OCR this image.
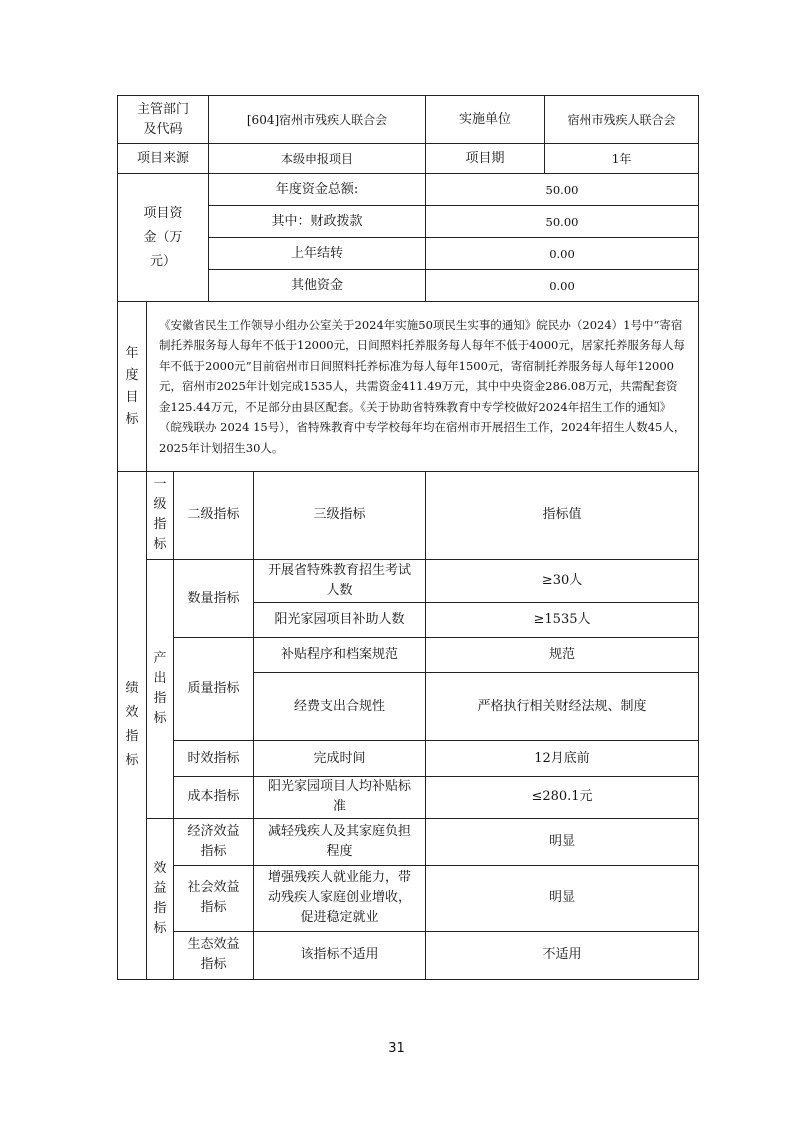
主管部门及代码			[604]宿州市残疾人联合会		实施单位	宿州市残疾人联合会
项目来源			本级申报项目		项目期	1年
项目资金（万元）			年度资金总额:		50.00	
			其中：财政拨款		50.00	
			上年结转		0.00	
			其他资金		0.00	
年度目标	《安徽省民生工作领导小组办公室关于2024年实施50项民生实事的通知》皖民办（2024）1号中“寄宿制托养服务每人每年不低于12000元，日间照料托养服务每人每年不低于4000元，居家托养服务每人每年不低于2000元”目前宿州市日间照料托养标准为每人每年1500元，寄宿制托养服务每人每年12000元，宿州市2025年计划完成1535人，共需资金411.49万元，其中中央资金286.08万元，共需配套资金125.44万元，不足部分由县区配套。《关于协助省特殊教育中专学校做好2024年招生工作的通知》（皖残联办 2024 15号），省特殊教育中专学校每年均在宿州市开展招生工作，2024年招生人数45人，2025年计划招生30人。					
绩效指标	一级指标	二级指标		三级指标	指标值	
	产出指标	数量指标		开展省特殊教育招生考试人数	≥30人	
				阳光家园项目补助人数	≥1535人	
		质量指标		补贴程序和档案规范	规范	
				经费支出合规性	严格执行相关财经法规、制度	
		时效指标		完成时间	12月底前	
		成本指标		阳光家园项目人均补贴标准	≤280.1元	
	效益指标	经济效益指标		减轻残疾人及其家庭负担程度	明显	
		社会效益指标		增强残疾人就业能力，带动残疾人家庭创业增收，促进稳定就业	明显	
		生态效益指标		该指标不适用	不适用	
31
